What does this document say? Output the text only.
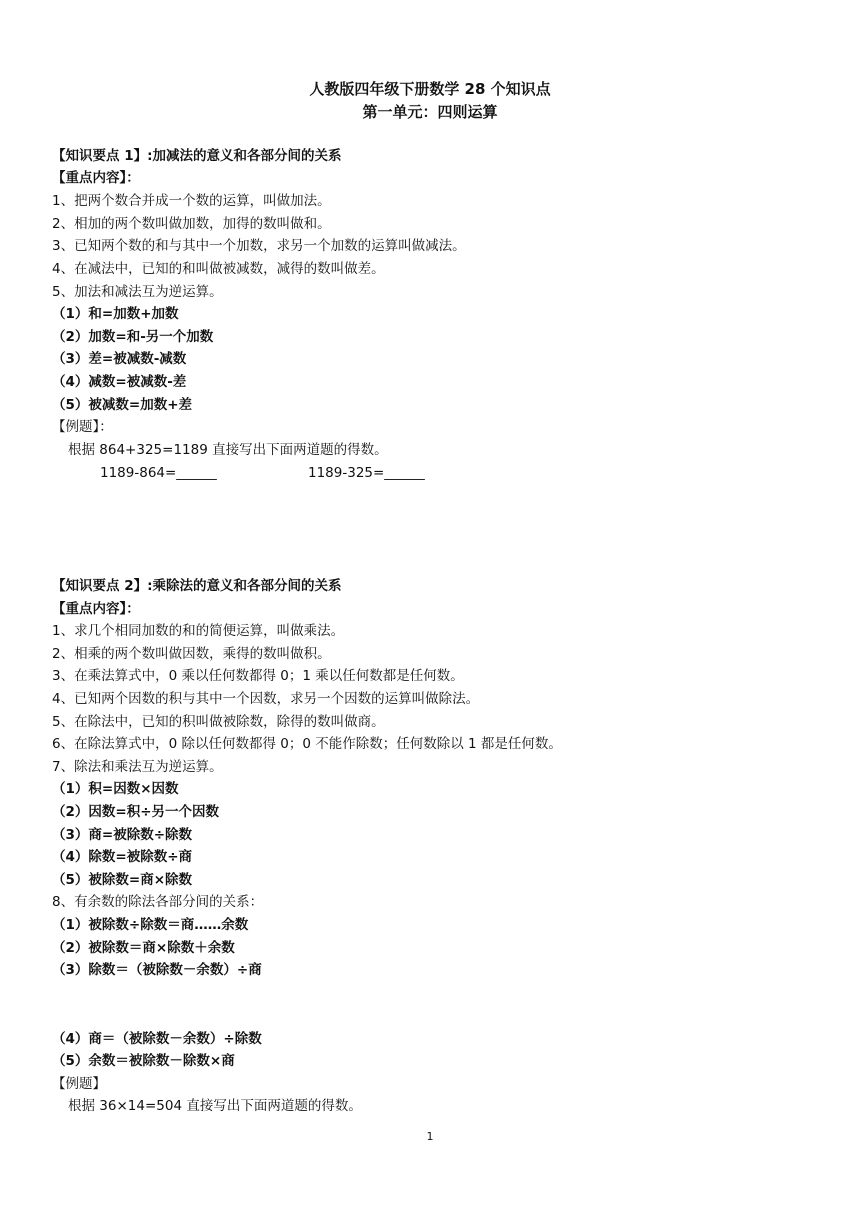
人教版四年级下册数学 28 个知识点
第一单元：四则运算
【知识要点 1】:加减法的意义和各部分间的关系
【重点内容】：
1、把两个数合并成一个数的运算，叫做加法。
2、相加的两个数叫做加数，加得的数叫做和。
3、已知两个数的和与其中一个加数，求另一个加数的运算叫做减法。
4、在减法中，已知的和叫做被减数，减得的数叫做差。
5、加法和减法互为逆运算。
（1）和=加数+加数
（2）加数=和-另一个加数
（3）差=被减数-减数
（4）减数=被减数-差
（5）被减数=加数+差
【例题】：
根据 864+325=1189 直接写出下面两道题的得数。
1189-864=______	1189-325=______
【知识要点 2】:乘除法的意义和各部分间的关系
【重点内容】：
1、求几个相同加数的和的简便运算，叫做乘法。
2、相乘的两个数叫做因数，乘得的数叫做积。
3、在乘法算式中，0 乘以任何数都得 0；1 乘以任何数都是任何数。
4、已知两个因数的积与其中一个因数，求另一个因数的运算叫做除法。
5、在除法中，已知的积叫做被除数，除得的数叫做商。
6、在除法算式中，0 除以任何数都得 0；0 不能作除数；任何数除以 1 都是任何数。
7、除法和乘法互为逆运算。
（1）积=因数×因数
（2）因数=积÷另一个因数
（3）商=被除数÷除数
（4）除数=被除数÷商
（5）被除数=商×除数
8、有余数的除法各部分间的关系：
（1）被除数÷除数＝商……余数
（2）被除数＝商×除数＋余数
（3）除数＝（被除数－余数）÷商
（4）商＝（被除数－余数）÷除数
（5）余数＝被除数－除数×商
【例题】
根据 36×14=504 直接写出下面两道题的得数。
1
